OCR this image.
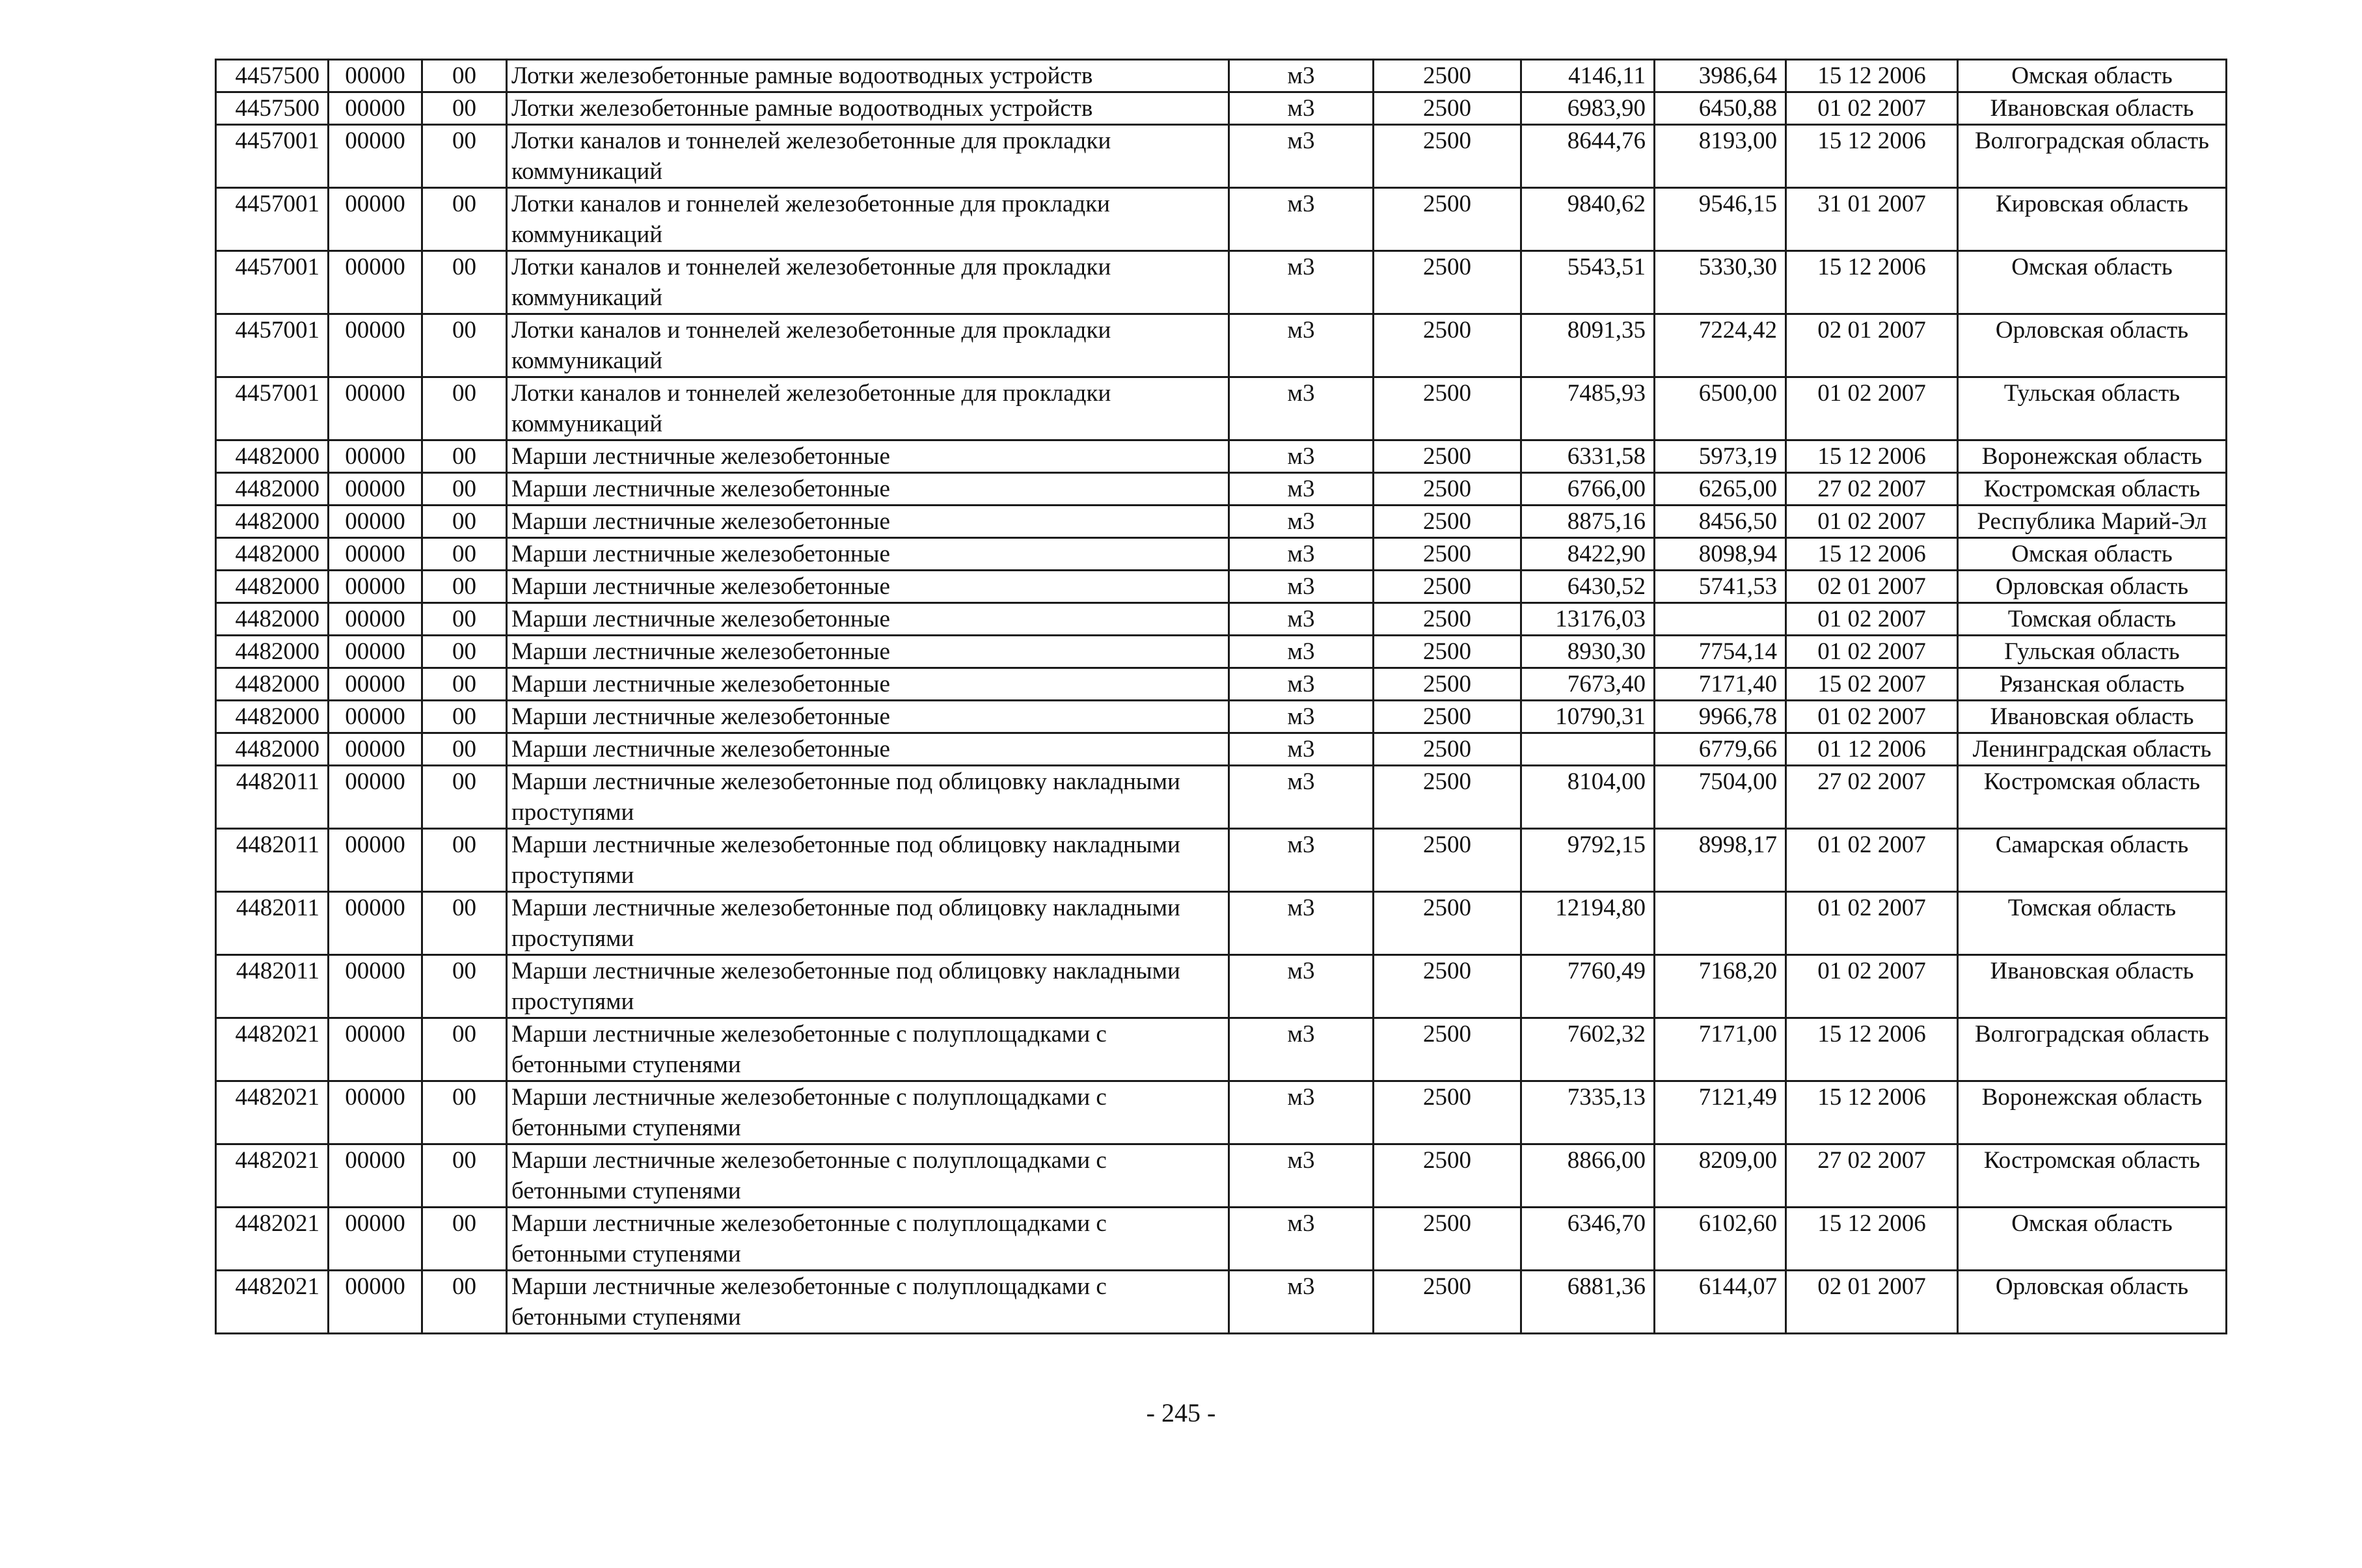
4457500	00000	00	Лотки железобетонные рамные водоотводных устройств	м3	2500	4146,11	3986,64	15 12 2006	Омская область
4457500	00000	00	Лотки железобетонные рамные водоотводных устройств	м3	2500	6983,90	6450,88	01 02 2007	Ивановская область
4457001	00000	00	Лотки каналов и тоннелей железобетонные для прокладки коммуникаций	м3	2500	8644,76	8193,00	15 12 2006	Волгоградская область
4457001	00000	00	Лотки каналов и гоннелей железобетонные для прокладки коммуникаций	м3	2500	9840,62	9546,15	31 01 2007	Кировская область
4457001	00000	00	Лотки каналов и тоннелей железобетонные для прокладки коммуникаций	м3	2500	5543,51	5330,30	15 12 2006	Омская область
4457001	00000	00	Лотки каналов и тоннелей железобетонные для прокладки коммуникаций	м3	2500	8091,35	7224,42	02 01 2007	Орловская область
4457001	00000	00	Лотки каналов и тоннелей железобетонные для прокладки коммуникаций	м3	2500	7485,93	6500,00	01 02 2007	Тульская область
4482000	00000	00	Марши лестничные железобетонные	м3	2500	6331,58	5973,19	15 12 2006	Воронежская область
4482000	00000	00	Марши лестничные железобетонные	м3	2500	6766,00	6265,00	27 02 2007	Костромская область
4482000	00000	00	Марши лестничные железобетонные	м3	2500	8875,16	8456,50	01 02 2007	Республика Марий-Эл
4482000	00000	00	Марши лестничные железобетонные	м3	2500	8422,90	8098,94	15 12 2006	Омская область
4482000	00000	00	Марши лестничные железобетонные	м3	2500	6430,52	5741,53	02 01 2007	Орловская область
4482000	00000	00	Марши лестничные железобетонные	м3	2500	13176,03		01 02 2007	Томская область
4482000	00000	00	Марши лестничные железобетонные	м3	2500	8930,30	7754,14	01 02 2007	Гульская область
4482000	00000	00	Марши лестничные железобетонные	м3	2500	7673,40	7171,40	15 02 2007	Рязанская область
4482000	00000	00	Марши лестничные железобетонные	м3	2500	10790,31	9966,78	01 02 2007	Ивановская область
4482000	00000	00	Марши лестничные железобетонные	м3	2500		6779,66	01 12 2006	Ленинградская область
4482011	00000	00	Марши лестничные железобетонные под облицовку накладными проступями	м3	2500	8104,00	7504,00	27 02 2007	Костромская область
4482011	00000	00	Марши лестничные железобетонные под облицовку накладными проступями	м3	2500	9792,15	8998,17	01 02 2007	Самарская область
4482011	00000	00	Марши лестничные железобетонные под облицовку накладными проступями	м3	2500	12194,80		01 02 2007	Томская область
4482011	00000	00	Марши лестничные железобетонные под облицовку накладными проступями	м3	2500	7760,49	7168,20	01 02 2007	Ивановская область
4482021	00000	00	Марши лестничные железобетонные с полуплощадками с бетонными ступенями	м3	2500	7602,32	7171,00	15 12 2006	Волгоградская область
4482021	00000	00	Марши лестничные железобетонные с полуплощадками с бетонными ступенями	м3	2500	7335,13	7121,49	15 12 2006	Воронежская область
4482021	00000	00	Марши лестничные железобетонные с полуплощадками с бетонными ступенями	м3	2500	8866,00	8209,00	27 02 2007	Костромская область
4482021	00000	00	Марши лестничные железобетонные с полуплощадками с бетонными ступенями	м3	2500	6346,70	6102,60	15 12 2006	Омская область
4482021	00000	00	Марши лестничные железобетонные с полуплощадками с бетонными ступенями	м3	2500	6881,36	6144,07	02 01 2007	Орловская область
- 245 -
